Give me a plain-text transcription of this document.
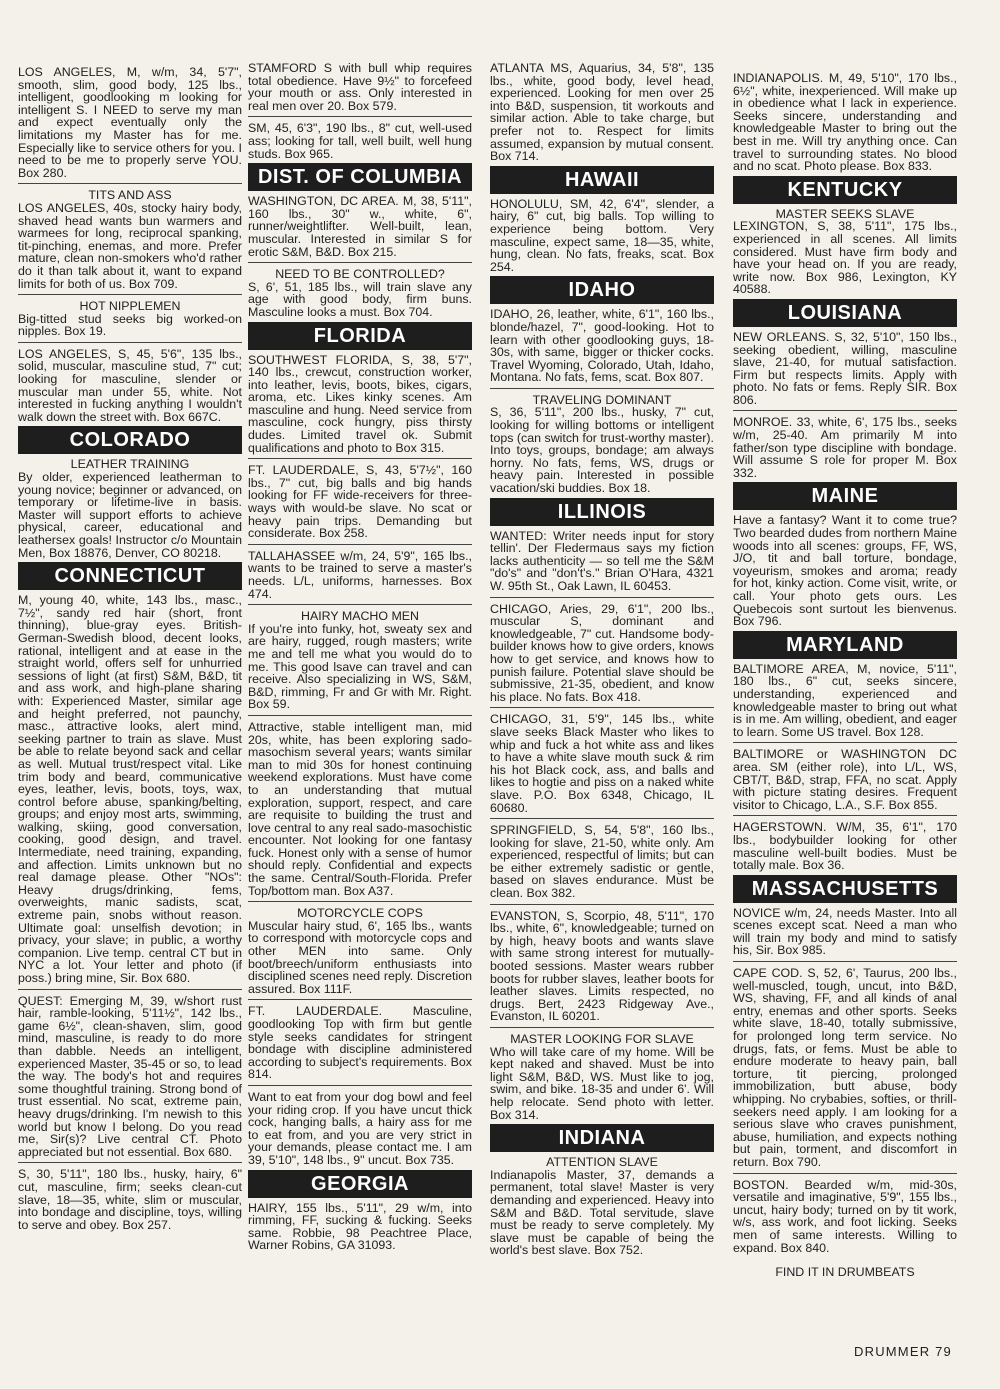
LOS ANGELES, M, w/m, 34, 5'7", smooth, slim, good body, 125 lbs., intelligent, goodlooking m looking for intelligent S. I NEED to serve my man and expect eventually only the limitations my Master has for me. Especially like to service others for you. I need to be me to properly serve YOU. Box 280.

TITS AND ASS

LOS ANGELES, 40s, stocky hairy body, shaved head wants bun warmers and warmees for long, reciprocal spanking, tit-pinching, enemas, and more. Prefer mature, clean non-smokers who'd rather do it than talk about it, want to expand limits for both of us. Box 709.

HOT NIPPLEMEN

Big-titted stud seeks big worked-on nipples. Box 19.

LOS ANGELES, S, 45, 5'6", 135 lbs., solid, muscular, masculine stud, 7" cut; looking for masculine, slender or muscular man under 55, white. Not interested in fucking anything I wouldn't walk down the street with. Box 667C.

COLORADO
LEATHER TRAINING

By older, experienced leatherman to young novice; beginner or advanced, on temporary or lifetime-live in basis. Master will support efforts to achieve physical, career, educational and leathersex goals! Instructor c/o Mountain Men, Box 18876, Denver, CO 80218.

CONNECTICUT

M, young 40, white, 143 lbs., masc., 7½", sandy red hair (short, front thinning), blue-gray eyes. British-German-Swedish blood, decent looks, rational, intelligent and at ease in the straight world, offers self for unhurried sessions of light (at first) S&M, B&D, tit and ass work, and high-plane sharing with: Experienced Master, similar age and height preferred, not paunchy, masc., attractive looks, alert mind, seeking partner to train as slave. Must be able to relate beyond sack and cellar as well. Mutual trust/respect vital. Like trim body and beard, communicative eyes, leather, levis, boots, toys, wax, control before abuse, spanking/belting, groups; and enjoy most arts, swimming, walking, skiing, good conversation, cooking, good design, and travel. Intermediate, need training, expanding, and affection. Limits unknown but no real damage please. Other "NOs": Heavy drugs/drinking, fems, overweights, manic sadists, scat, extreme pain, snobs without reason. Ultimate goal: unselfish devotion; in privacy, your slave; in public, a worthy companion. Live temp. central CT but in NYC a lot. Your letter and photo (if poss.) bring mine, Sir. Box 680.

QUEST: Emerging M, 39, w/short rust hair, ramble-looking, 5'11½", 142 lbs., game 6½", clean-shaven, slim, good mind, masculine, is ready to do more than dabble. Needs an intelligent, experienced Master, 35-45 or so, to lead the way. The body's hot and requires some thoughtful training. Strong bond of trust essential. No scat, extreme pain, heavy drugs/drinking. I'm newish to this world but know I belong. Do you read me, Sir(s)? Live central CT. Photo appreciated but not essential. Box 680.

S, 30, 5'11", 180 lbs., husky, hairy, 6" cut, masculine, firm; seeks clean-cut slave, 18—35, white, slim or muscular, into bondage and discipline, toys, willing to serve and obey. Box 257.

STAMFORD S with bull whip requires total obedience. Have 9½" to forcefeed your mouth or ass. Only interested in real men over 20. Box 579.

SM, 45, 6'3", 190 lbs., 8" cut, well-used ass; looking for tall, well built, well hung studs. Box 965.

DIST. OF COLUMBIA

WASHINGTON, DC AREA. M, 38, 5'11", 160 lbs., 30" w., white, 6", runner/weightlifter. Well-built, lean, muscular. Interested in similar S for erotic S&M, B&D. Box 215.

NEED TO BE CONTROLLED?

S, 6', 51, 185 lbs., will train slave any age with good body, firm buns. Masculine looks a must. Box 704.

FLORIDA

SOUTHWEST FLORIDA, S, 38, 5'7", 140 lbs., crewcut, construction worker, into leather, levis, boots, bikes, cigars, aroma, etc. Likes kinky scenes. Am masculine and hung. Need service from masculine, cock hungry, piss thirsty dudes. Limited travel ok. Submit qualifications and photo to Box 315.

FT. LAUDERDALE, S, 43, 5'7½", 160 lbs., 7" cut, big balls and big hands looking for FF wide-receivers for three-ways with would-be slave. No scat or heavy pain trips. Demanding but considerate. Box 258.

TALLAHASSEE w/m, 24, 5'9", 165 lbs., wants to be trained to serve a master's needs. L/L, uniforms, harnesses. Box 474.

HAIRY MACHO MEN

If you're into funky, hot, sweaty sex and are hairy, rugged, rough masters; write me and tell me what you would do to me. This good lsave can travel and can receive. Also specializing in WS, S&M, B&D, rimming, Fr and Gr with Mr. Right. Box 59.

Attractive, stable intelligent man, mid 20s, white, has been exploring sado-masochism several years; wants similar man to mid 30s for honest continuing weekend explorations. Must have come to an understanding that mutual exploration, support, respect, and care are requisite to building the trust and love central to any real sado-masochistic encounter. Not looking for one fantasy fuck. Honest only with a sense of humor should reply. Confidential and expects the same. Central/South-Florida. Prefer Top/bottom man. Box A37.

MOTORCYCLE COPS

Muscular hairy stud, 6', 165 lbs., wants to correspond with motorcycle cops and other MEN into same. Only boot/breech/uniform enthusiasts into disciplined scenes need reply. Discretion assured. Box 111F.

FT. LAUDERDALE. Masculine, goodlooking Top with firm but gentle style seeks candidates for stringent bondage with discipline administered according to subject's requirements. Box 814.

Want to eat from your dog bowl and feel your riding crop. If you have uncut thick cock, hanging balls, a hairy ass for me to eat from, and you are very strict in your demands, please contact me. I am 39, 5'10", 148 lbs., 9" uncut. Box 735.

GEORGIA

HAIRY, 155 lbs., 5'11", 29 w/m, into rimming, FF, sucking & fucking. Seeks same. Robbie, 98 Peachtree Place, Warner Robins, GA 31093.

ATLANTA MS, Aquarius, 34, 5'8", 135 lbs., white, good body, level head, experienced. Looking for men over 25 into B&D, suspension, tit workouts and similar action. Able to take charge, but prefer not to. Respect for limits assumed, expansion by mutual consent. Box 714.

HAWAII

HONOLULU, SM, 42, 6'4", slender, a hairy, 6" cut, big balls. Top willing to experience being bottom. Very masculine, expect same, 18—35, white, hung, clean. No fats, freaks, scat. Box 254.

IDAHO

IDAHO, 26, leather, white, 6'1", 160 lbs., blonde/hazel, 7", good-looking. Hot to learn with other goodlooking guys, 18-30s, with same, bigger or thicker cocks. Travel Wyoming, Colorado, Utah, Idaho, Montana. No fats, fems, scat. Box 807.

TRAVELING DOMINANT

S, 36, 5'11", 200 lbs., husky, 7" cut, looking for willing bottoms or intelligent tops (can switch for trust-worthy master). Into toys, groups, bondage; am always horny. No fats, fems, WS, drugs or heavy pain. Interested in possible vacation/ski buddies. Box 18.

ILLINOIS

WANTED: Writer needs input for story tellin'. Der Fledermaus says my fiction lacks authenticity — so tell me the S&M "do's" and "don't's." Brian O'Hara, 4321 W. 95th St., Oak Lawn, IL 60453.

CHICAGO, Aries, 29, 6'1", 200 lbs., muscular S, dominant and knowledgeable, 7" cut. Handsome body-builder knows how to give orders, knows how to get service, and knows how to punish failure. Potential slave should be submissive, 21-35, obedient, and know his place. No fats. Box 418.

CHICAGO, 31, 5'9", 145 lbs., white slave seeks Black Master who likes to whip and fuck a hot white ass and likes to have a white slave mouth suck & rim his hot Black cock, ass, and balls and likes to hogtie and piss on a naked white slave. P.O. Box 6348, Chicago, IL 60680.

SPRINGFIELD, S, 54, 5'8", 160 lbs., looking for slave, 21-50, white only. Am experienced, respectful of limits; but can be either extremely sadistic or gentle, based on slaves endurance. Must be clean. Box 382.

EVANSTON, S, Scorpio, 48, 5'11", 170 lbs., white, 6", knowledgeable; turned on by high, heavy boots and wants slave with same strong interest for mutually-booted sessions. Master wears rubber boots for rubber slaves, leather boots for leather slaves. Limits respected, no drugs. Bert, 2423 Ridgeway Ave., Evanston, IL 60201.

MASTER LOOKING FOR SLAVE

Who will take care of my home. Will be kept naked and shaved. Must be into light S&M, B&D, WS. Must like to jog, swim, and bike. 18-35 and under 6'. Will help relocate. Send photo with letter. Box 314.

INDIANA
ATTENTION SLAVE

Indianapolis Master, 37, demands a permanent, total slave! Master is very demanding and experienced. Heavy into S&M and B&D. Total servitude, slave must be ready to serve completely. My slave must be capable of being the world's best slave. Box 752.

INDIANAPOLIS. M, 49, 5'10", 170 lbs., 6½", white, inexperienced. Will make up in obedience what I lack in experience. Seeks sincere, understanding and knowledgeable Master to bring out the best in me. Will try anything once. Can travel to surrounding states. No blood and no scat. Photo please. Box 833.

KENTUCKY
MASTER SEEKS SLAVE

LEXINGTON, S, 38, 5'11", 175 lbs., experienced in all scenes. All limits considered. Must have firm body and have your head on. If you are ready, write now. Box 986, Lexington, KY 40588.

LOUISIANA

NEW ORLEANS. S, 32, 5'10", 150 lbs., seeking obedient, willing, masculine slave, 21-40, for mutual satisfaction. Firm but respects limits. Apply with photo. No fats or fems. Reply SIR. Box 806.

MONROE. 33, white, 6', 175 lbs., seeks w/m, 25-40. Am primarily M into father/son type discipline with bondage. Will assume S role for proper M. Box 332.

MAINE

Have a fantasy? Want it to come true? Two bearded dudes from northern Maine woods into all scenes: groups, FF, WS, J/O, tit and ball torture, bondage, voyeurism, smokes and aroma; ready for hot, kinky action. Come visit, write, or call. Your photo gets ours. Les Quebecois sont surtout les bienvenus. Box 796.

MARYLAND

BALTIMORE AREA, M, novice, 5'11", 180 lbs., 6" cut, seeks sincere, understanding, experienced and knowledgeable master to bring out what is in me. Am willing, obedient, and eager to learn. Some US travel. Box 128.

BALTIMORE or WASHINGTON DC area. SM (either role), into L/L, WS, CBT/T, B&D, strap, FFA, no scat. Apply with picture stating desires. Frequent visitor to Chicago, L.A., S.F. Box 855.

HAGERSTOWN. W/M, 35, 6'1", 170 lbs., bodybuilder looking for other masculine well-built bodies. Must be totally male. Box 36.

MASSACHUSETTS

NOVICE w/m, 24, needs Master. Into all scenes except scat. Need a man who will train my body and mind to satisfy his, Sir. Box 985.

CAPE COD. S, 52, 6', Taurus, 200 lbs., well-muscled, tough, uncut, into B&D, WS, shaving, FF, and all kinds of anal entry, enemas and other sports. Seeks white slave, 18-40, totally submissive, for prolonged long term service. No drugs, fats, or fems. Must be able to endure moderate to heavy pain, ball torture, tit piercing, prolonged immobilization, butt abuse, body whipping. No crybabies, softies, or thrill-seekers need apply. I am looking for a serious slave who craves punishment, abuse, humiliation, and expects nothing but pain, torment, and discomfort in return. Box 790.

BOSTON. Bearded w/m, mid-30s, versatile and imaginative, 5'9", 155 lbs., uncut, hairy body; turned on by tit work, w/s, ass work, and foot licking. Seeks men of same interests. Willing to expand. Box 840.

FIND IT IN DRUMBEATS
DRUMMER 79
